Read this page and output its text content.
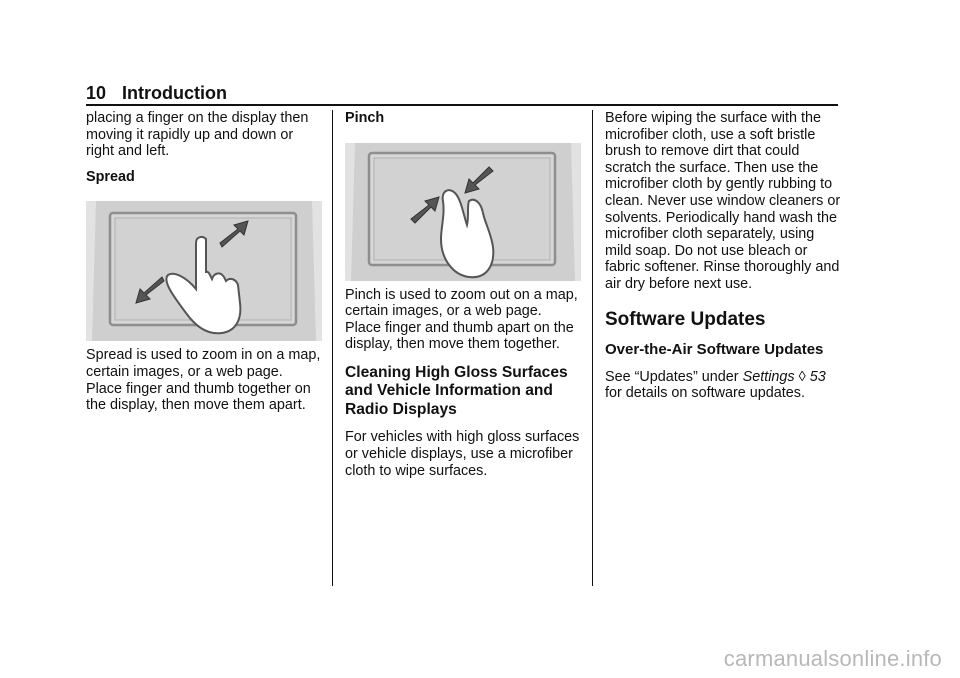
10 Introduction

placing a finger on the display then moving it rapidly up and down or right and left.

Spread

Spread is used to zoom in on a map, certain images, or a web page. Place finger and thumb together on the display, then move them apart.

Pinch

Pinch is used to zoom out on a map, certain images, or a web page. Place finger and thumb apart on the display, then move them together.

Cleaning High Gloss Surfaces and Vehicle Information and Radio Displays

For vehicles with high gloss surfaces or vehicle displays, use a microfiber cloth to wipe surfaces.

Before wiping the surface with the microfiber cloth, use a soft bristle brush to remove dirt that could scratch the surface. Then use the microfiber cloth by gently rubbing to clean. Never use window cleaners or solvents. Periodically hand wash the microfiber cloth separately, using mild soap. Do not use bleach or fabric softener. Rinse thoroughly and air dry before next use.

Software Updates
Over-the-Air Software Updates

See “Updates” under Settings ◊ 53 for details on software updates.

carmanualsonline.info
